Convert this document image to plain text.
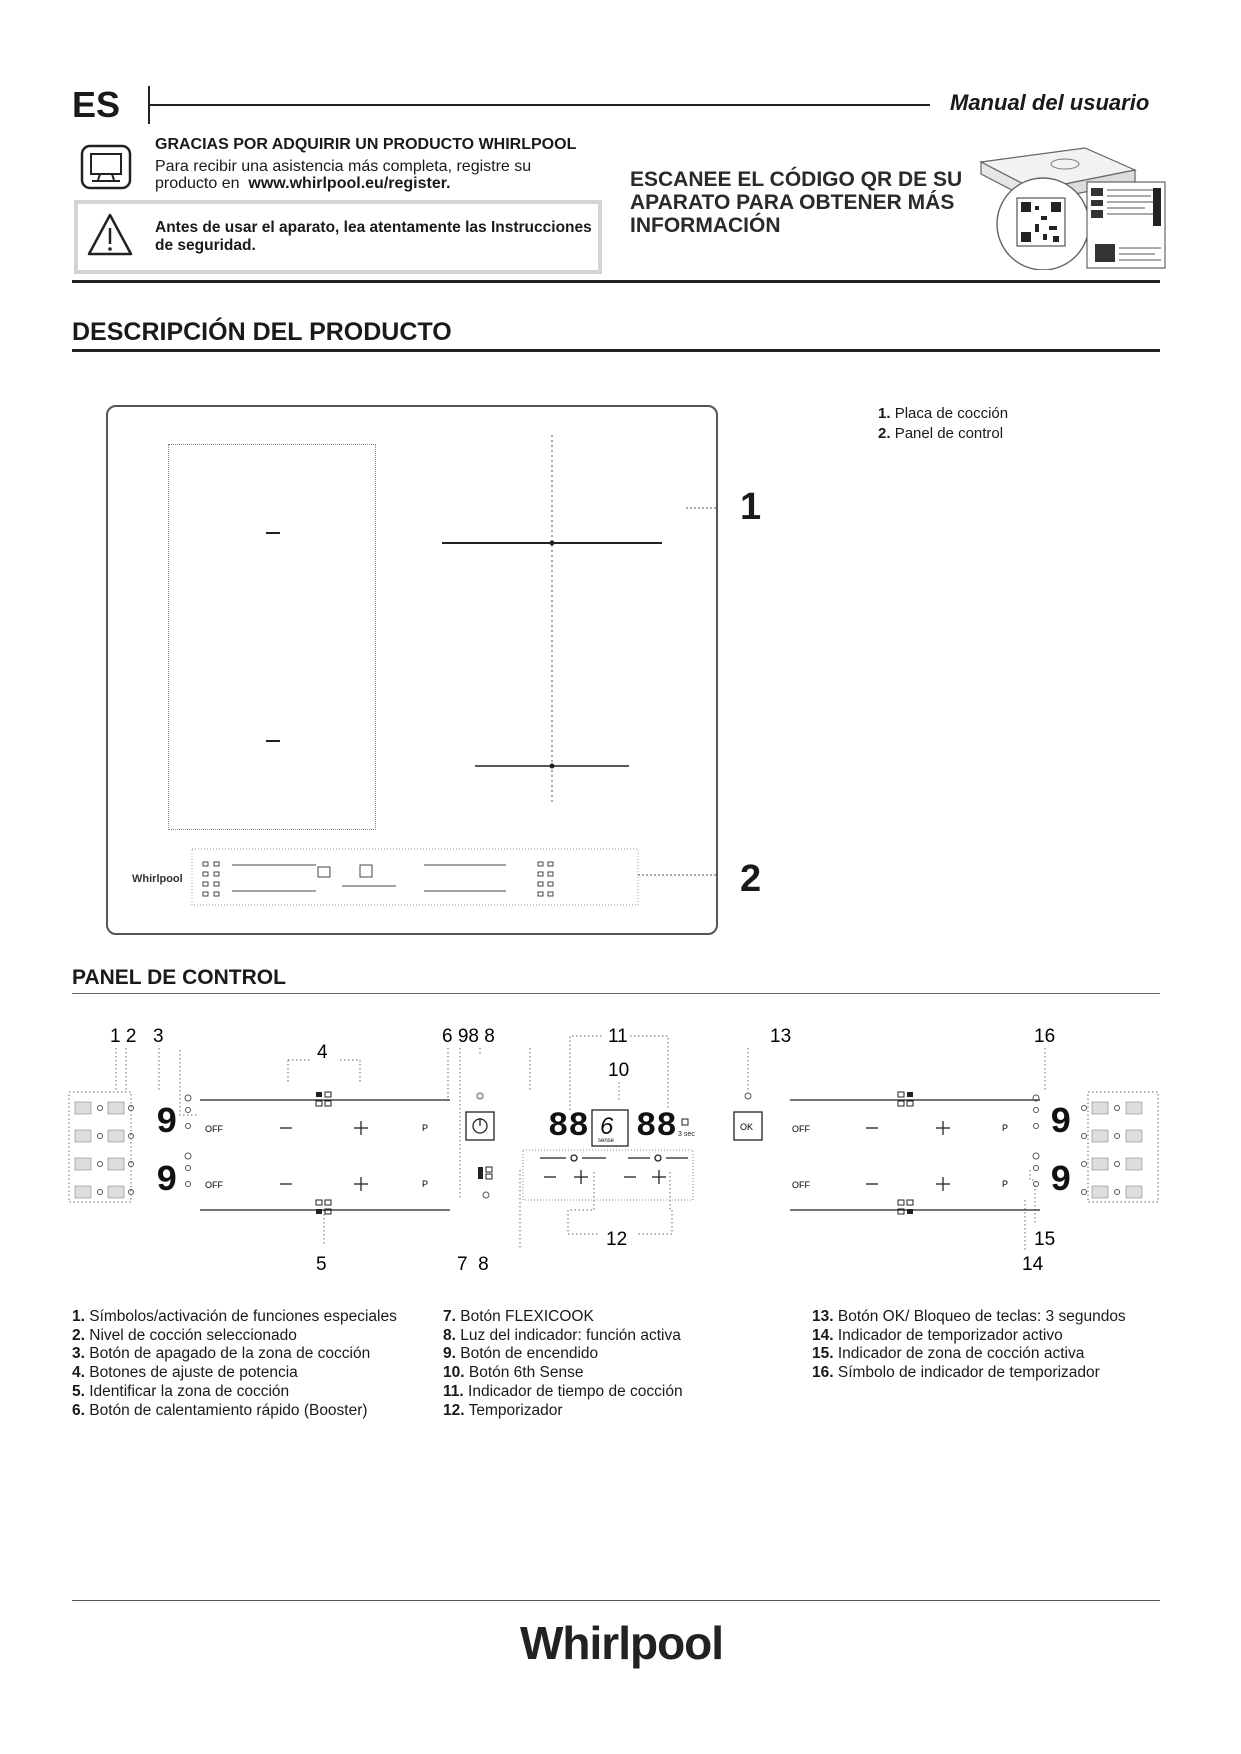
ES	Manual del usuario
GRACIAS POR ADQUIRIR UN PRODUCTO WHIRLPOOL
Para recibir una asistencia más completa, registre su
producto en www.whirlpool.eu/register.
Antes de usar el aparato, lea atentamente las Instrucciones
de seguridad.
ESCANEE EL CÓDIGO QR DE SU
APARATO PARA OBTENER MÁS
INFORMACIÓN
DESCRIPCIÓN DEL PRODUCTO
Whirlpool
1
2
1. Placa de cocción
2. Panel de control
PANEL DE CONTROL
1 2 3
4
6 98 8	11
10
13	16
5	7  8
12	15
14
9
9
OFF
OFF
P
P
88 6
sense 88 3 sec
OK	OFF
OFF
P
P
9
9
1. Símbolos/activación de funciones especiales
2. Nivel de cocción seleccionado
3. Botón de apagado de la zona de cocción
4. Botones de ajuste de potencia
5. Identificar la zona de cocción
6. Botón de calentamiento rápido (Booster)
7. Botón FLEXICOOK
8. Luz del indicador: función activa
9. Botón de encendido
10. Botón 6th Sense
11. Indicador de tiempo de cocción
12. Temporizador
13. Botón OK/ Bloqueo de teclas: 3 segundos
14. Indicador de temporizador activo
15. Indicador de zona de cocción activa
16. Símbolo de indicador de temporizador
Whirlpool
